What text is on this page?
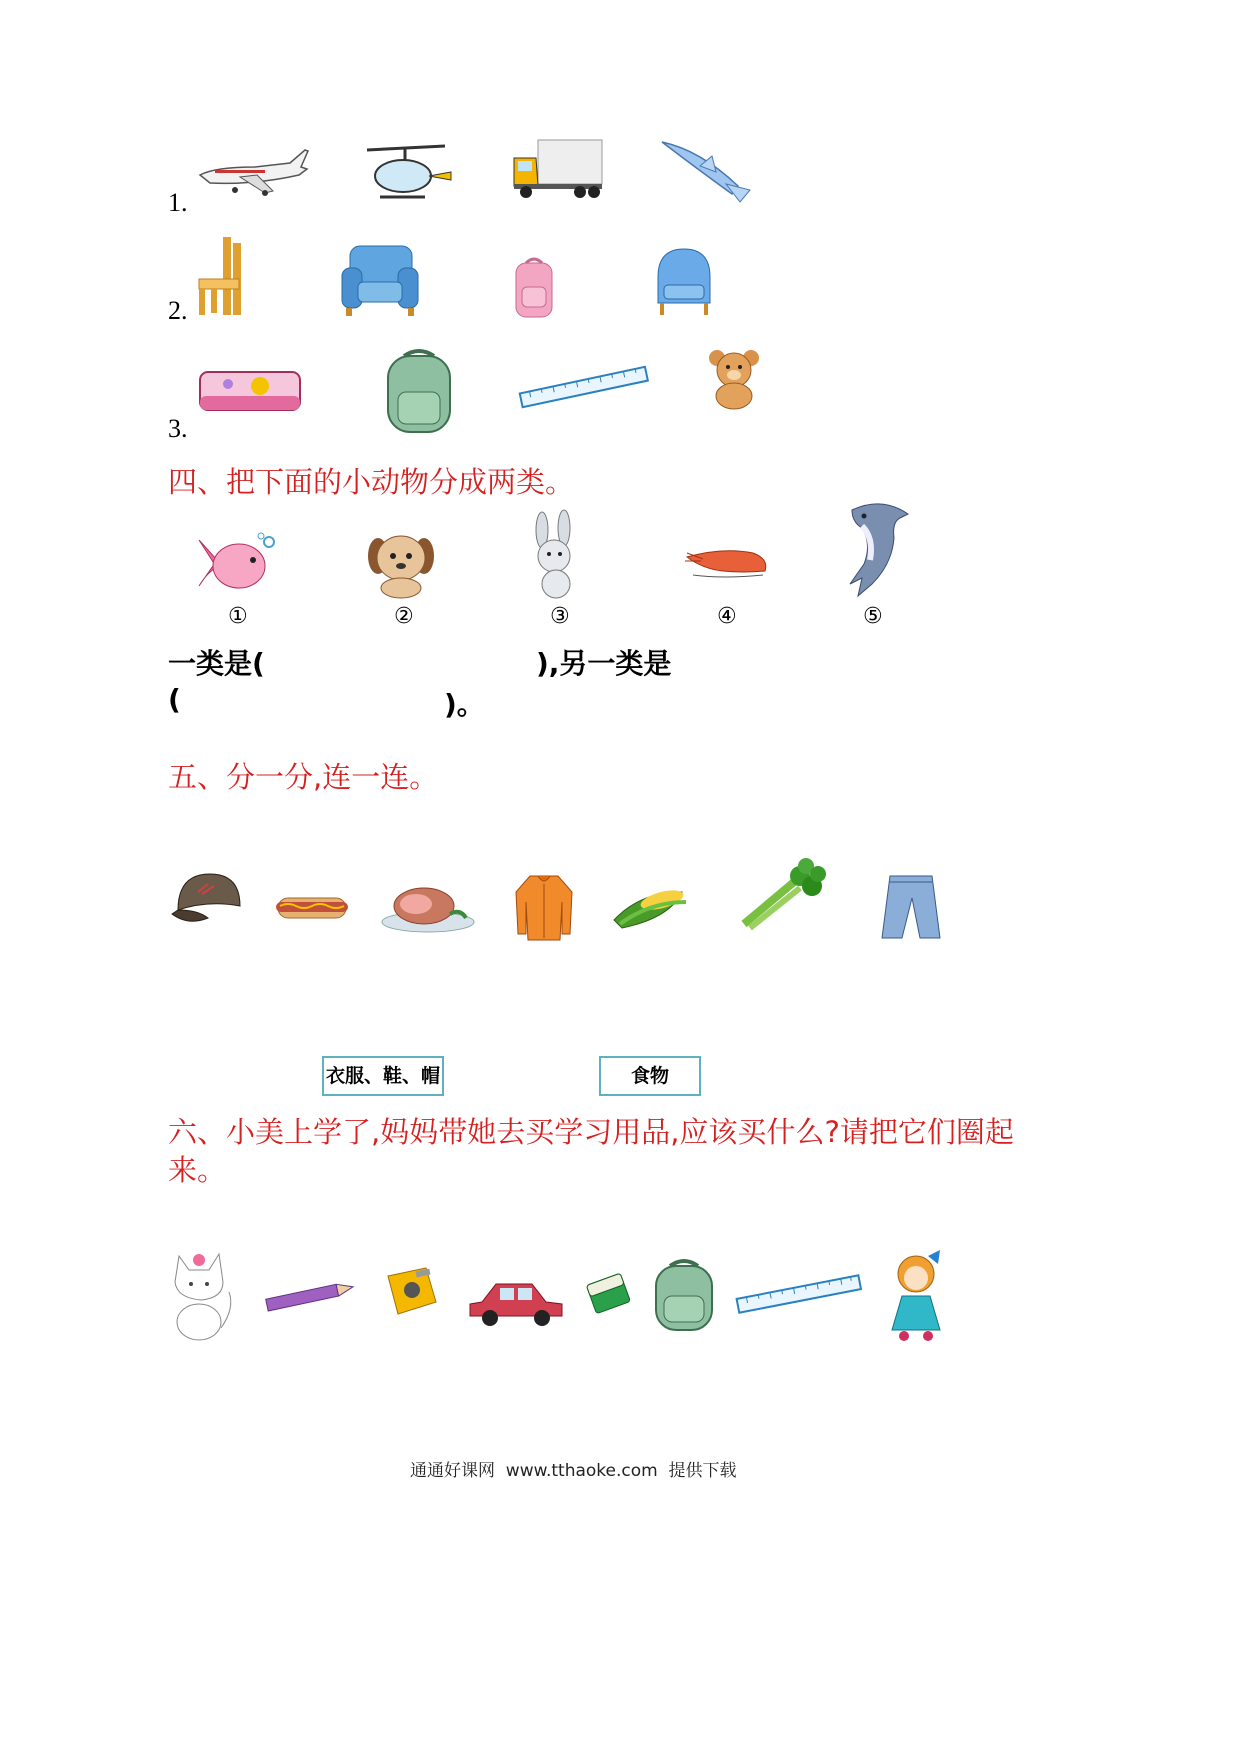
1.
2.
3.
四、把下面的小动物分成两类。
①	②	③	④	⑤
一类是(	),另一类是
(	)。
五、分一分,连一连。
衣服、鞋、帽	食物
六、小美上学了,妈妈带她去买学习用品,应该买什么?请把它们圈起
来。
通通好课网  www.tthaoke.com  提供下载
